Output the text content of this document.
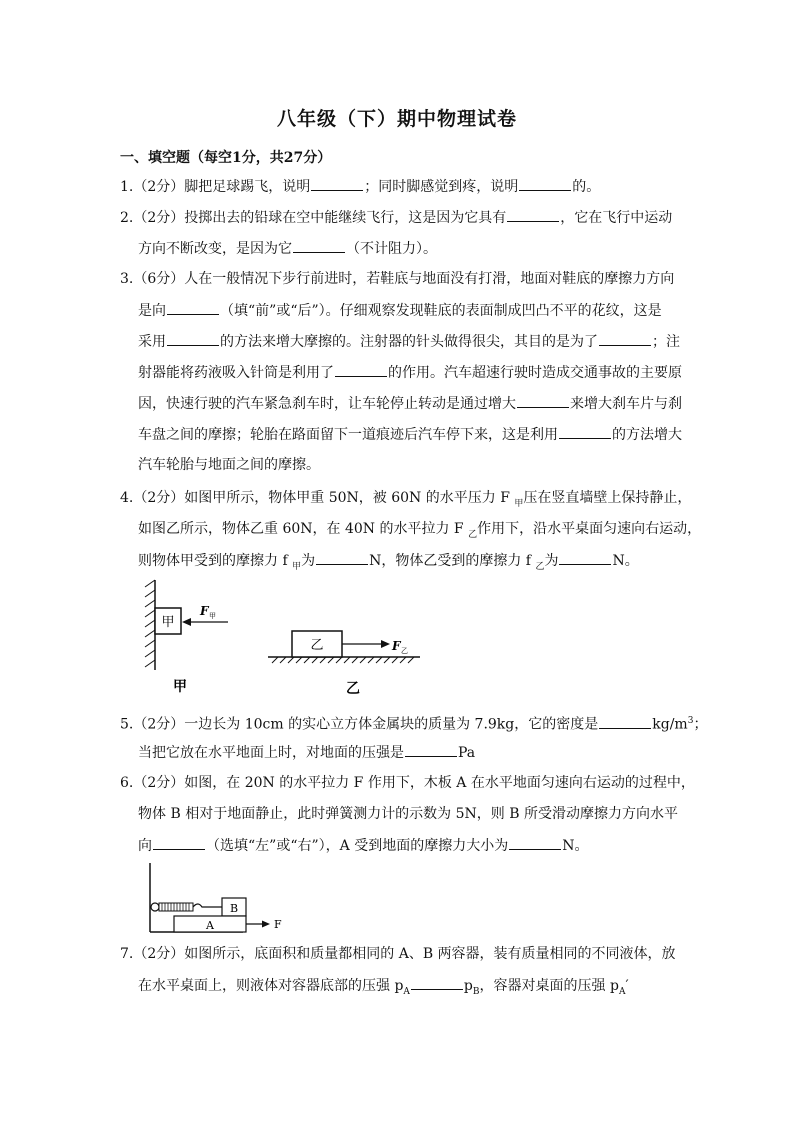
八年级（下）期中物理试卷
一、填空题（每空1分，共27分）
1.（2分）脚把足球踢飞，说明	；同时脚感觉到疼，说明	的。
2.（2分）投掷出去的铅球在空中能继续飞行，这是因为它具有	，它在飞行中运动
方向不断改变，是因为它	（不计阻力）。
3.（6分）人在一般情况下步行前进时，若鞋底与地面没有打滑，地面对鞋底的摩擦力方向
是向	（填“前”或“后”）。仔细观察发现鞋底的表面制成凹凸不平的花纹，这是
采用	的方法来增大摩擦的。注射器的针头做得很尖，其目的是为了	；注
射器能将药液吸入针筒是利用了	的作用。汽车超速行驶时造成交通事故的主要原
因，快速行驶的汽车紧急刹车时，让车轮停止转动是通过增大	来增大刹车片与刹
车盘之间的摩擦；轮胎在路面留下一道痕迹后汽车停下来，这是利用	的方法增大
汽车轮胎与地面之间的摩擦。
4.（2分）如图甲所示，物体甲重 50N，被 60N 的水平压力 F $_甲$压在竖直墙壁上保持静止，
如图乙所示，物体乙重 60N，在 40N 的水平拉力 F $_乙$作用下，沿水平桌面匀速向右运动，
则物体甲受到的摩擦力 f $_甲$为	N，物体乙受到的摩擦力 f $_乙$为	N。
甲
F 甲
乙	F 乙
甲	乙
5.（2分）一边长为 10cm 的实心立方体金属块的质量为 7.9kg，它的密度是	$kg/m^3$；
当把它放在水平地面上时，对地面的压强是	Pa
6.（2分）如图，在 20N 的水平拉力 F 作用下，木板 A 在水平地面匀速向右运动的过程中，
物体 B 相对于地面静止，此时弹簧测力计的示数为 5N，则 B 所受滑动摩擦力方向水平
向	（选填“左”或“右”），A 受到地面的摩擦力大小为	N。
B
A	F
7.（2分）如图所示，底面积和质量都相同的 A、B 两容器，装有质量相同的不同液体，放
在水平桌面上，则液体对容器底部的压强 $p_A$	$p_B$，容器对桌面的压强 $p_A'$
